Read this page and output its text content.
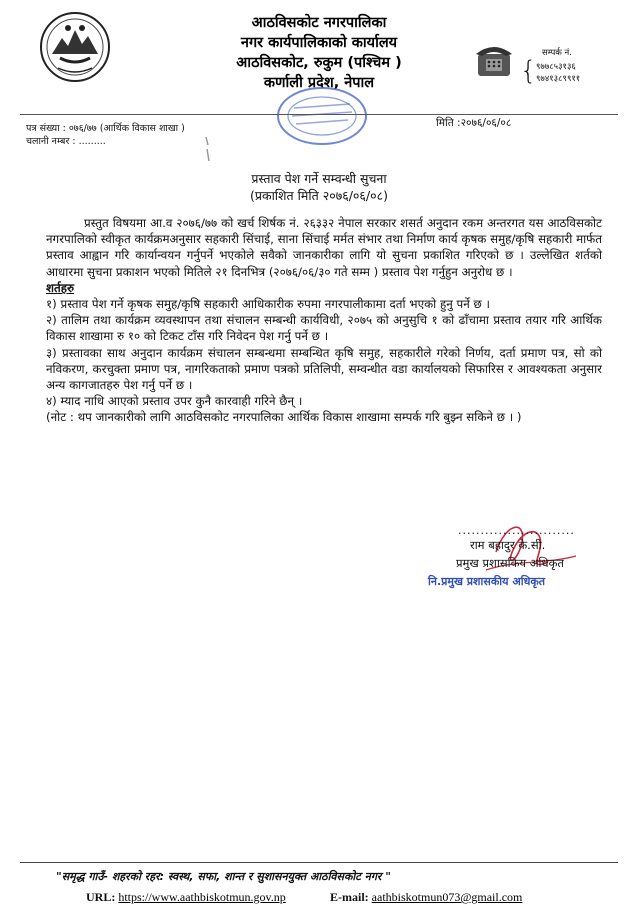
आठविसकोट नगरपालिका
नगर कार्यपालिकाको कार्यालय
आठविसकोट, रुकुम (पश्चिम )
कर्णाली प्रदेश, नेपाल	{
सम्पर्क नं.
९७७८५३१३६
९७४१३८९९११
मिति :२०७६/०६/०८
पत्र संख्या : ०७६/७७ (आर्थिक विकास शाखा )
चलानी नम्बर : .........
प्रस्ताव पेश गर्ने सम्वन्धी सुचना
(प्रकाशित मिति २०७६/०६/०८)

प्रस्तुत विषयमा आ.व २०७६/७७ को खर्च शिर्षक नं. २६३३२ नेपाल सरकार शसर्त अनुदान रकम अन्तरगत यस आठविसकोट नगरपालिको स्वीकृत कार्यक्रमअनुसार सहकारी सिंचाई, साना सिंचाई मर्मत संभार तथा निर्माण कार्य कृषक समुह/कृषि सहकारी मार्फत प्रस्ताव आह्वान गरि कार्यान्वयन गर्नुपर्ने भएकोले सवैको जानकारीका लागि यो सुचना प्रकाशित गरिएको छ । उल्लेखित शर्तको आधारमा सुचना प्रकाशन भएको मितिले २१ दिनभित्र (२०७६/०६/३० गते सम्म ) प्रस्ताव पेश गर्नुहुन अनुरोध छ ।

शर्तहरु

१) प्रस्ताव पेश गर्ने कृषक समुह/कृषि सहकारी आधिकारीक रुपमा नगरपालीकामा दर्ता भएको हुनु पर्ने छ ।

२) तालिम तथा कार्यक्रम व्यवस्थापन तथा संचालन सम्बन्धी कार्यविधी, २०७५ को अनुसुचि १ को ढाँचामा प्रस्ताव तयार गरि आर्थिक विकास शाखामा रु १० को टिकट टाँस गरि निवेदन पेश गर्नु पर्ने छ ।

३) प्रस्तावका साथ अनुदान कार्यक्रम संचालन सम्बन्धमा सम्बन्धित कृषि समुह, सहकारीले गरेको निर्णय, दर्ता प्रमाण पत्र, सो को नविकरण, करचुक्ता प्रमाण पत्र, नागरिकताको प्रमाण पत्रको प्रतिलिपी, सम्वन्धीत वडा कार्यालयको सिफारिस र आवश्यकता अनुसार अन्य कागजातहरु पेश गर्नु पर्ने छ ।

४) म्याद नाधि आएको प्रस्ताव उपर कुनै कारवाही गरिने छैन् ।

(नोट : थप जानकारीको लागि आठविसकोट नगरपालिका आर्थिक विकास शाखामा सम्पर्क गरि बुझ्न सकिने छ । )

..........................
राम बहादुर के.सी.
प्रमुख प्रशासकिय अधिकृत
नि.प्रमुख प्रशासकीय अधिकृत
"समृद्ध गाउँ- शहरको रहर: स्वस्थ, सफा, शान्त र सुशासनयुक्त आठविसकोट नगर "
URL: https://www.aathbiskotmun.gov.np	E-mail: aathbiskotmun073@gmail.com
